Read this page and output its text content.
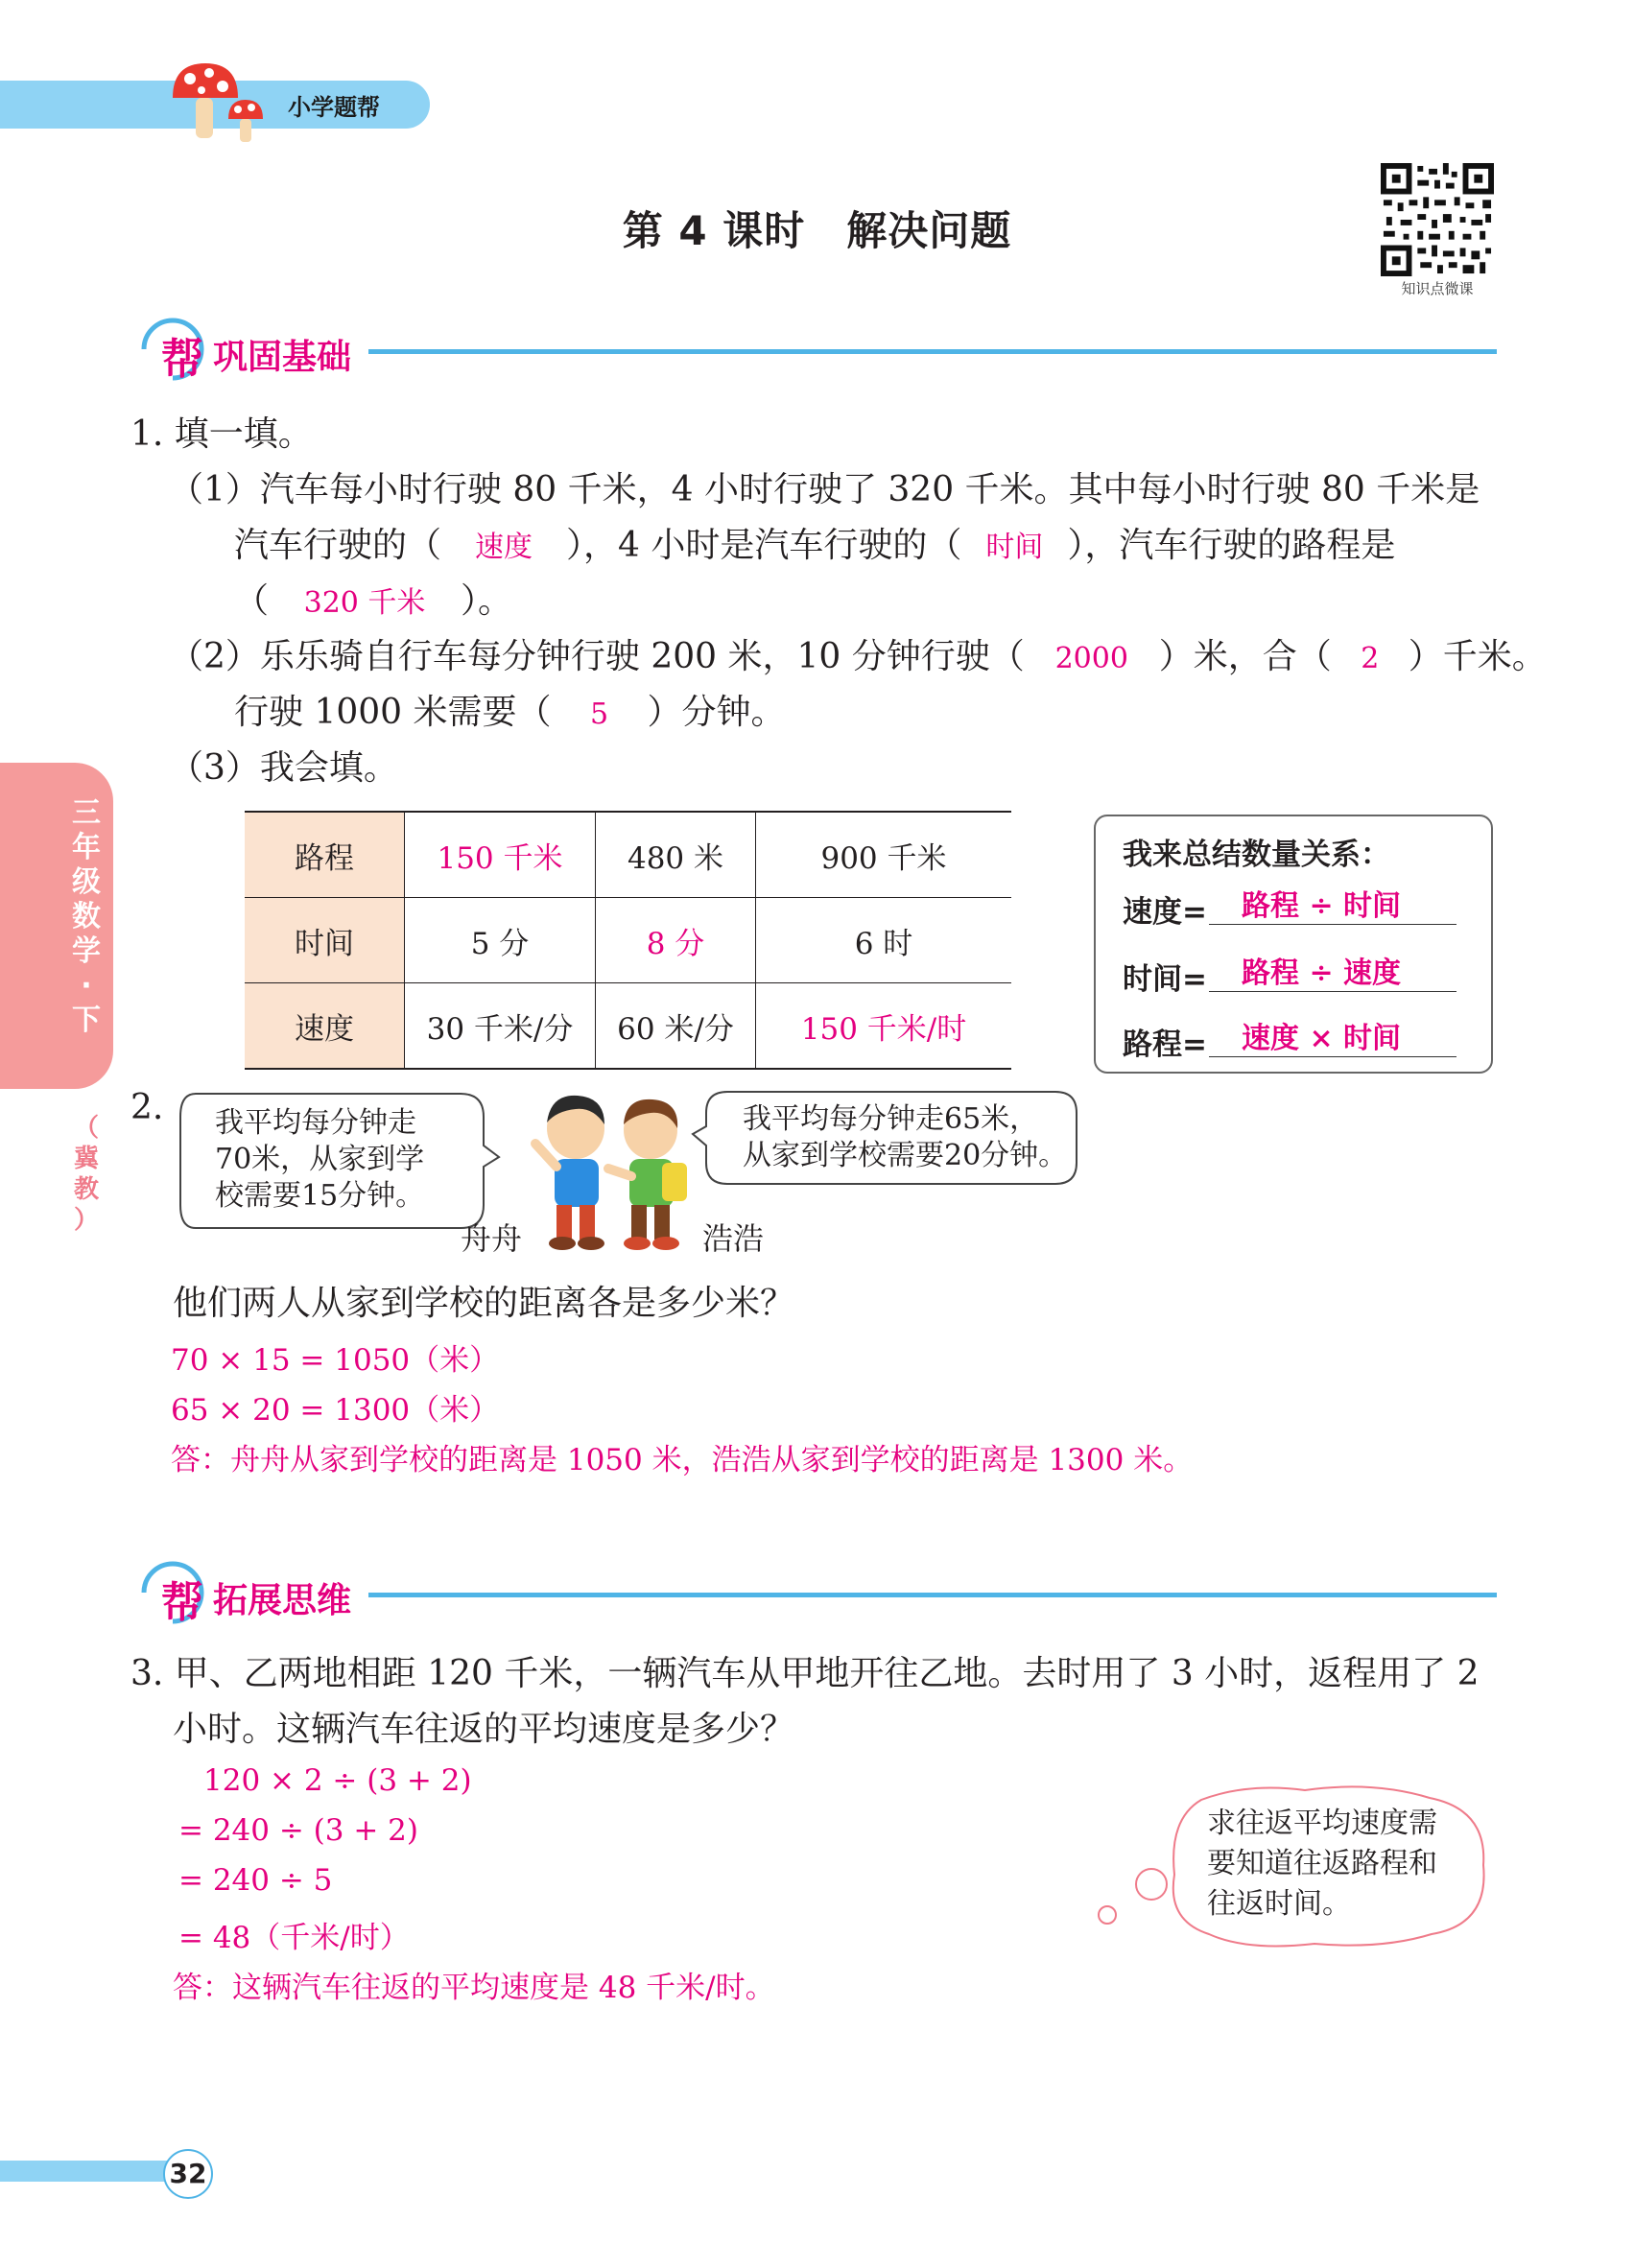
小学题帮
第 4 课时　解决问题
知识点微课
帮 巩固基础
三
年
级
数
学
·
下
（
冀
教
）
1. 填一填。
（1）汽车每小时行驶 80 千米，4 小时行驶了 320 千米。其中每小时行驶 80 千米是
汽车行驶的（ 速度 ），4 小时是汽车行驶的（ 时间 ），汽车行驶的路程是
（ 320 千米 ）。
（2）乐乐骑自行车每分钟行驶 200 米，10 分钟行驶（ 2000 ）米，合（ 2 ）千米。
行驶 1000 米需要（ 5 ）分钟。
（3）我会填。
路程	150 千米	480 米	900 千米
时间	5 分	8 分	6 时
速度	30 千米/分	60 米/分	150 千米/时
我来总结数量关系：
速度=	路程 ÷ 时间
时间=	路程 ÷ 速度
路程=	速度 × 时间
2. 我平均每分钟走
70米，从家到学
校需要15分钟。
我平均每分钟走65米，
从家到学校需要20分钟。
舟舟	浩浩
他们两人从家到学校的距离各是多少米？
70 × 15 = 1050（米）
65 × 20 = 1300（米）
答：舟舟从家到学校的距离是 1050 米，浩浩从家到学校的距离是 1300 米。
帮 拓展思维
3. 甲、乙两地相距 120 千米，一辆汽车从甲地开往乙地。去时用了 3 小时，返程用了 2
小时。这辆汽车往返的平均速度是多少？
120 × 2 ÷ (3 + 2)
= 240 ÷ (3 + 2)
= 240 ÷ 5
= 48（千米/时）
答：这辆汽车往返的平均速度是 48 千米/时。
求往返平均速度需
要知道往返路程和
往返时间。
32
